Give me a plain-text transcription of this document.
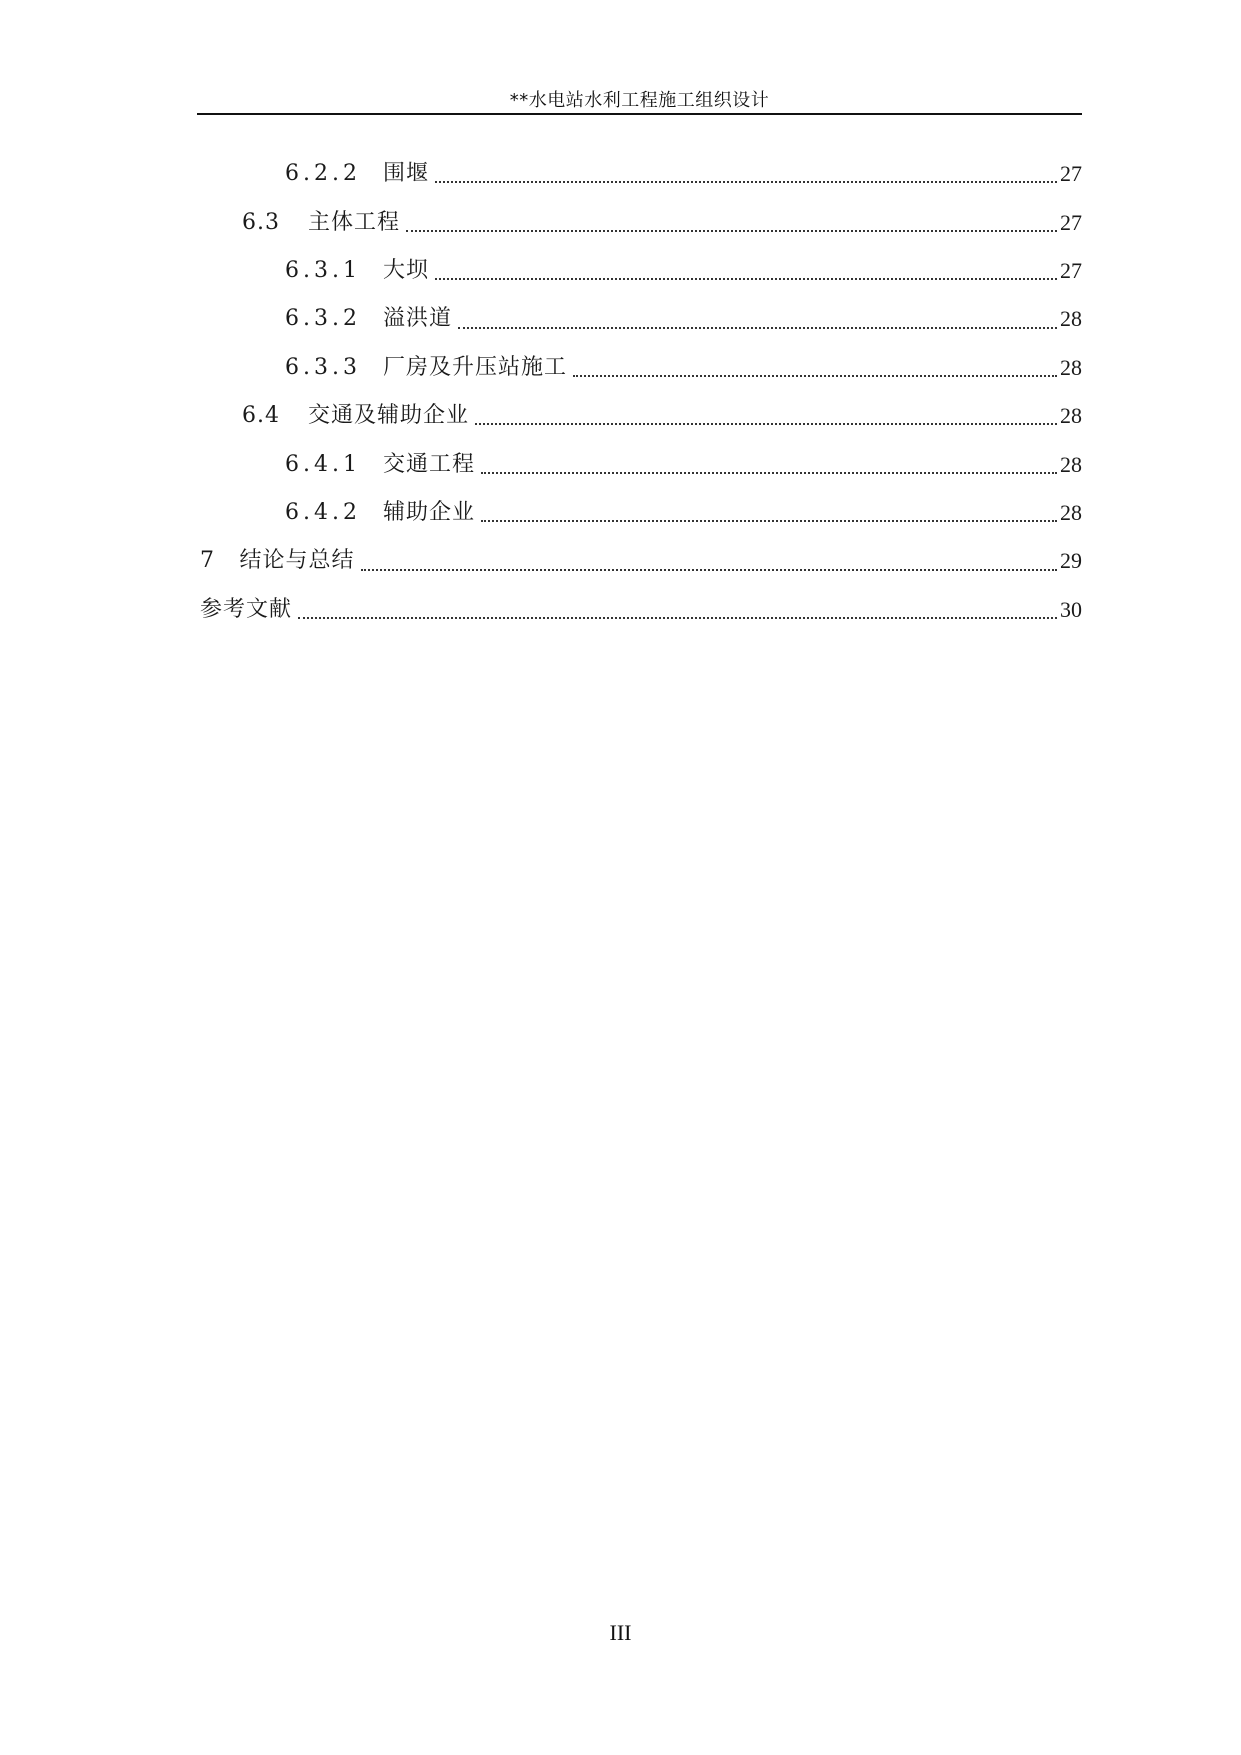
**水电站水利工程施工组织设计
6.2.2 围堰	27
6.3 主体工程	27
6.3.1 大坝	27
6.3.2 溢洪道	28
6.3.3 厂房及升压站施工	28
6.4 交通及辅助企业	28
6.4.1 交通工程	28
6.4.2 辅助企业	28
7 结论与总结	29
参考文献	30
III
